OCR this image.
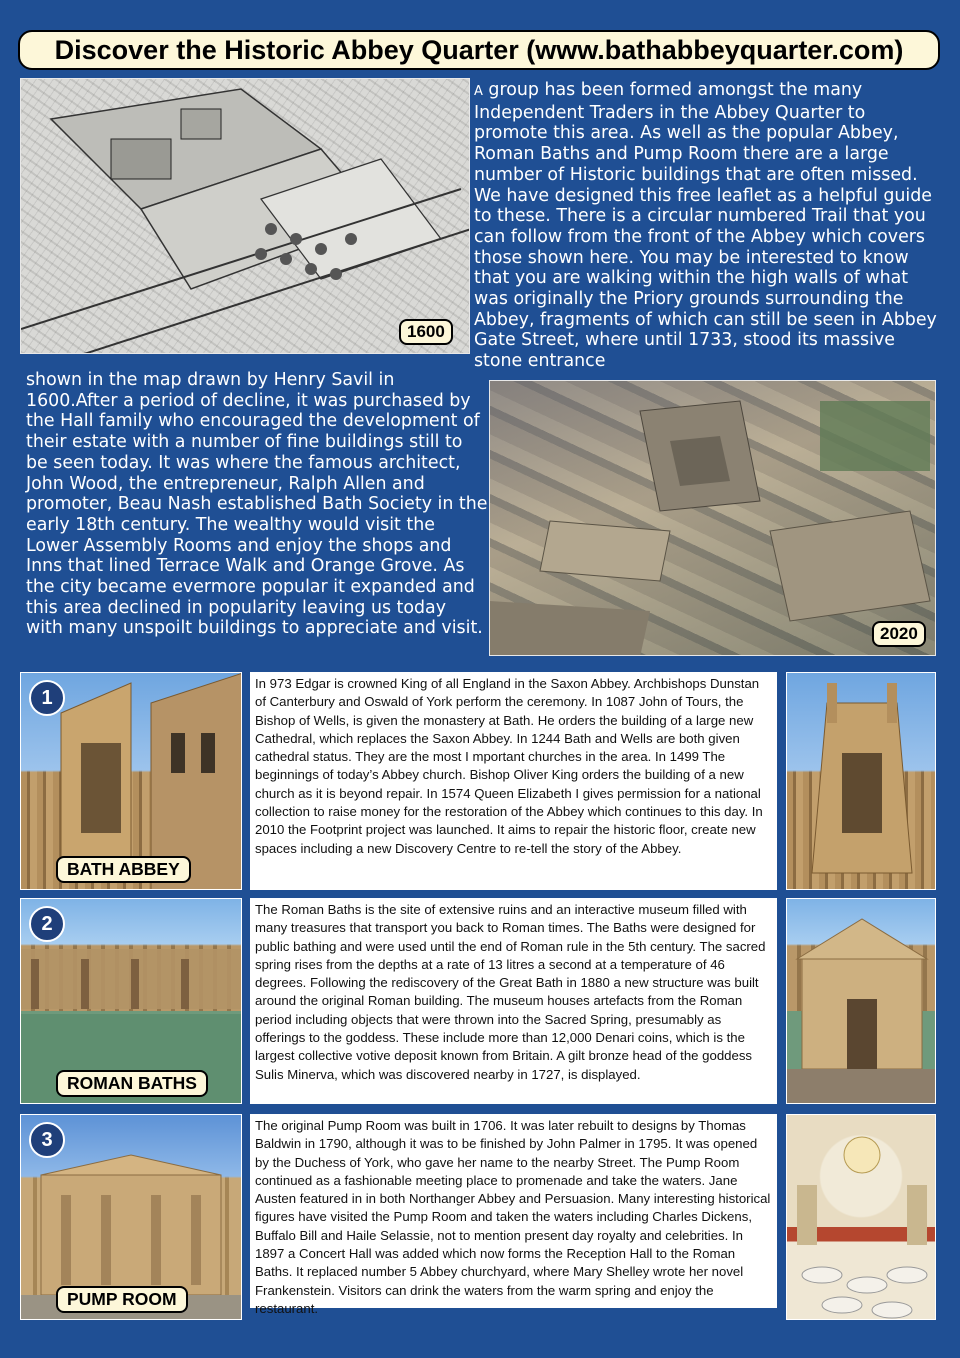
Discover the Historic Abbey Quarter (www.bathabbeyquarter.com)
1600

A group has been formed amongst the many Independent Traders in the Abbey Quarter to promote this area. As well as the popular Abbey, Roman Baths and Pump Room there are a large number of Historic buildings that are often missed. We have designed this free leaflet as a helpful guide to these. There is a circular numbered Trail that you can follow from the front of the Abbey which covers those shown here. You may be interested to know that you are walking within the high walls of what was originally the Priory grounds surrounding the Abbey, fragments of which can still be seen in Abbey Gate Street, where until 1733, stood its massive stone entrance

shown in the map drawn by Henry Savil in 1600.After a period of decline, it was purchased by the Hall family who encouraged the development of their estate with a number of fine buildings still to be seen today. It was where the famous architect, John Wood, the entrepreneur, Ralph Allen and promoter, Beau Nash established Bath Society in the early 18th century. The wealthy would visit the Lower Assembly Rooms and enjoy the shops and Inns that lined Terrace Walk and Orange Grove. As the city became evermore popular it expanded and this area declined in popularity leaving us today with many unspoilt buildings to appreciate and visit.	2020
1
BATH ABBEY

In 973 Edgar is crowned King of all England in the Saxon Abbey. Archbishops Dunstan of Canterbury and Oswald of York perform the ceremony. In 1087 John of Tours, the Bishop of Wells, is given the monastery at Bath. He orders the building of a large new Cathedral, which replaces the Saxon Abbey. In 1244 Bath and Wells are both given cathedral status. They are the most I mportant churches in the area. In 1499 The beginnings of today’s Abbey church. Bishop Oliver King orders the building of a new church as it is beyond repair. In 1574 Queen Elizabeth I gives permission for a national collection to raise money for the restoration of the Abbey which continues to this day. In 2010 the Footprint project was launched. It aims to repair the historic floor, create new spaces including a new Discovery Centre to re-tell the story of the Abbey.

2
ROMAN BATHS

The Roman Baths is the site of extensive ruins and an interactive museum filled with many treasures that transport you back to Roman times. The Baths were designed for public bathing and were used until the end of Roman rule in the 5th century. The sacred spring rises from the depths at a rate of 13 litres a second at a temperature of 46 degrees. Following the rediscovery of the Great Bath in 1880 a new structure was built around the original Roman building. The museum houses artefacts from the Roman period including objects that were thrown into the Sacred Spring, presumably as offerings to the goddess. These include more than 12,000 Denari coins, which is the largest collective votive deposit known from Britain. A gilt bronze head of the goddess Sulis Minerva, which was discovered nearby in 1727, is displayed.

3
PUMP ROOM

The original Pump Room was built in 1706. It was later rebuilt to designs by Thomas Baldwin in 1790, although it was to be finished by John Palmer in 1795. It was opened by the Duchess of York, who gave her name to the nearby Street. The Pump Room continued as a fashionable meeting place to promenade and take the waters. Jane Austen featured in in both Northanger Abbey and Persuasion. Many interesting historical figures have visited the Pump Room and taken the waters including Charles Dickens, Buffalo Bill and Haile Selassie, not to mention present day royalty and celebrities. In 1897 a Concert Hall was added which now forms the Reception Hall to the Roman Baths. It replaced number 5 Abbey churchyard, where Mary Shelley wrote her novel Frankenstein. Visitors can drink the waters from the warm spring and enjoy the restaurant.
